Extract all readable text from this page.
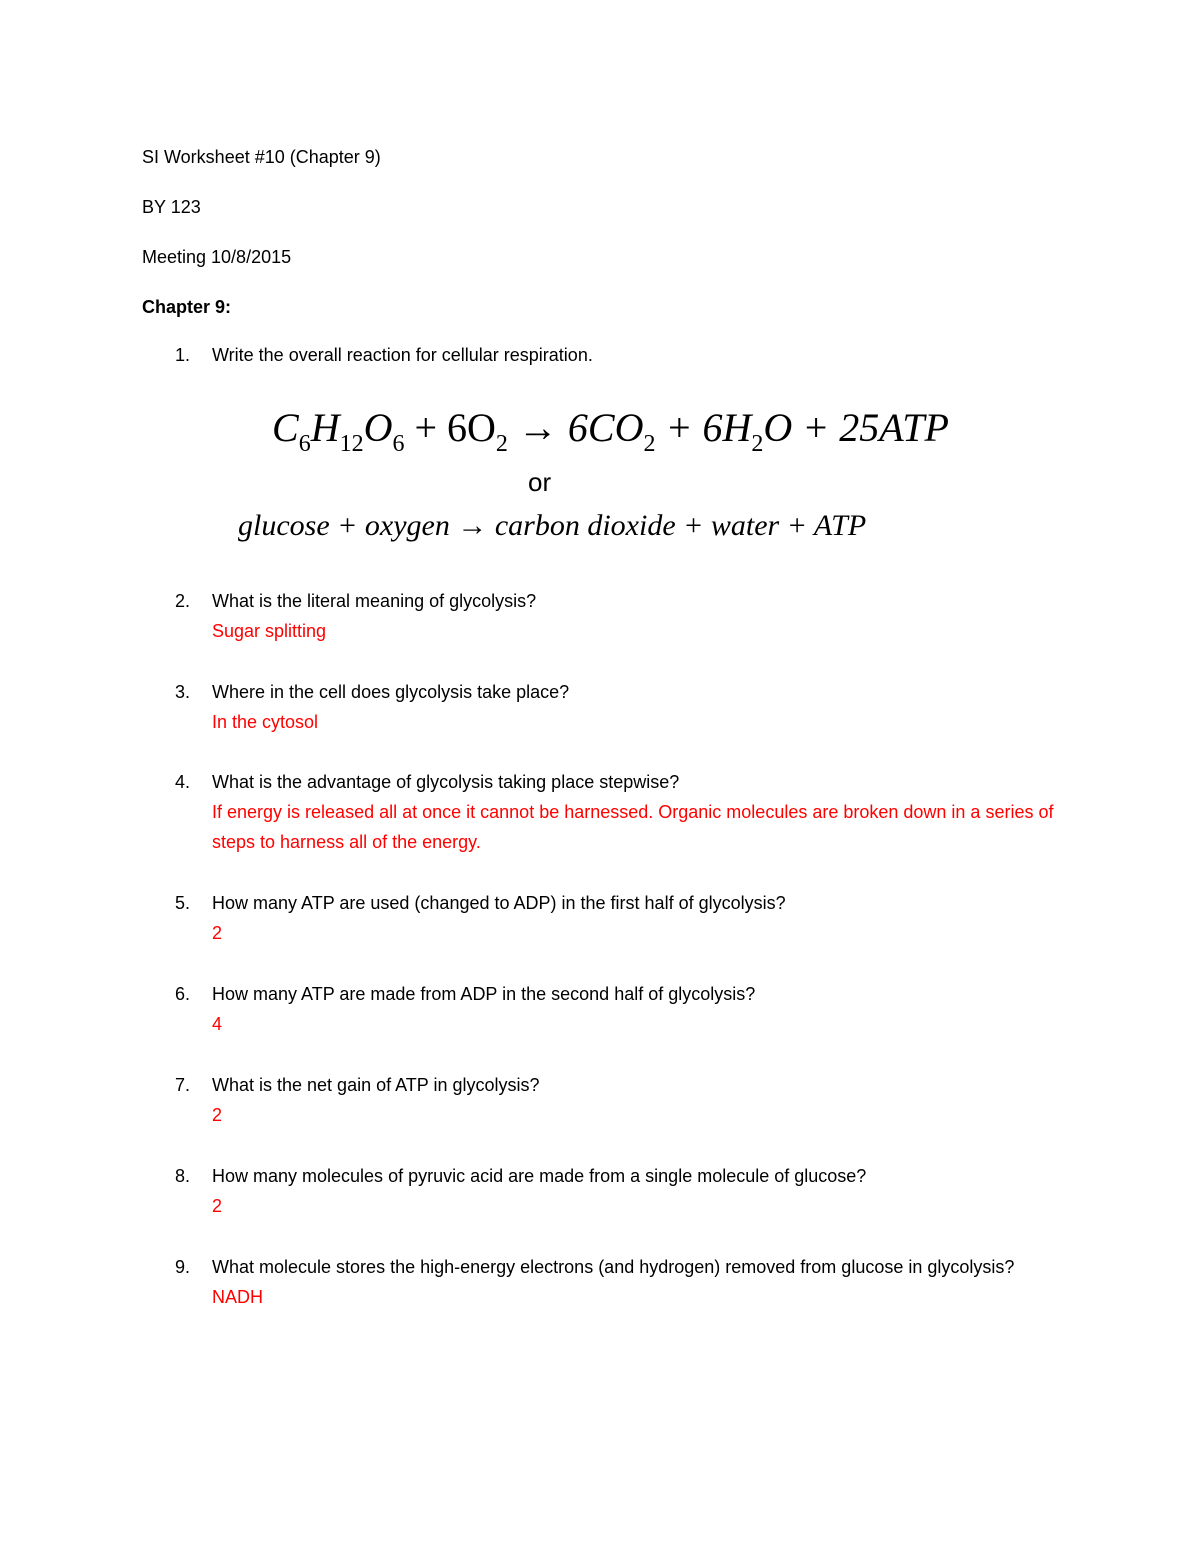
SI Worksheet #10 (Chapter 9)
BY 123
Meeting 10/8/2015
Chapter 9:
1.	Write the overall reaction for cellular respiration.
$C_6H_{12}O_6 + 6O_2 \to 6CO_2 + 6H_2O + 25ATP$
or
glucose + oxygen → carbon dioxide + water + ATP
2.	What is the literal meaning of glycolysis?
Sugar splitting
3.	Where in the cell does glycolysis take place?
In the cytosol
4.	What is the advantage of glycolysis taking place stepwise?
If energy is released all at once it cannot be harnessed. Organic molecules are broken down in a series of steps to harness all of the energy.
5.	How many ATP are used (changed to ADP) in the first half of glycolysis?
2
6.	How many ATP are made from ADP in the second half of glycolysis?
4
7.	What is the net gain of ATP in glycolysis?
2
8.	How many molecules of pyruvic acid are made from a single molecule of glucose?
2
9.	What molecule stores the high-energy electrons (and hydrogen) removed from glucose in glycolysis?
NADH
